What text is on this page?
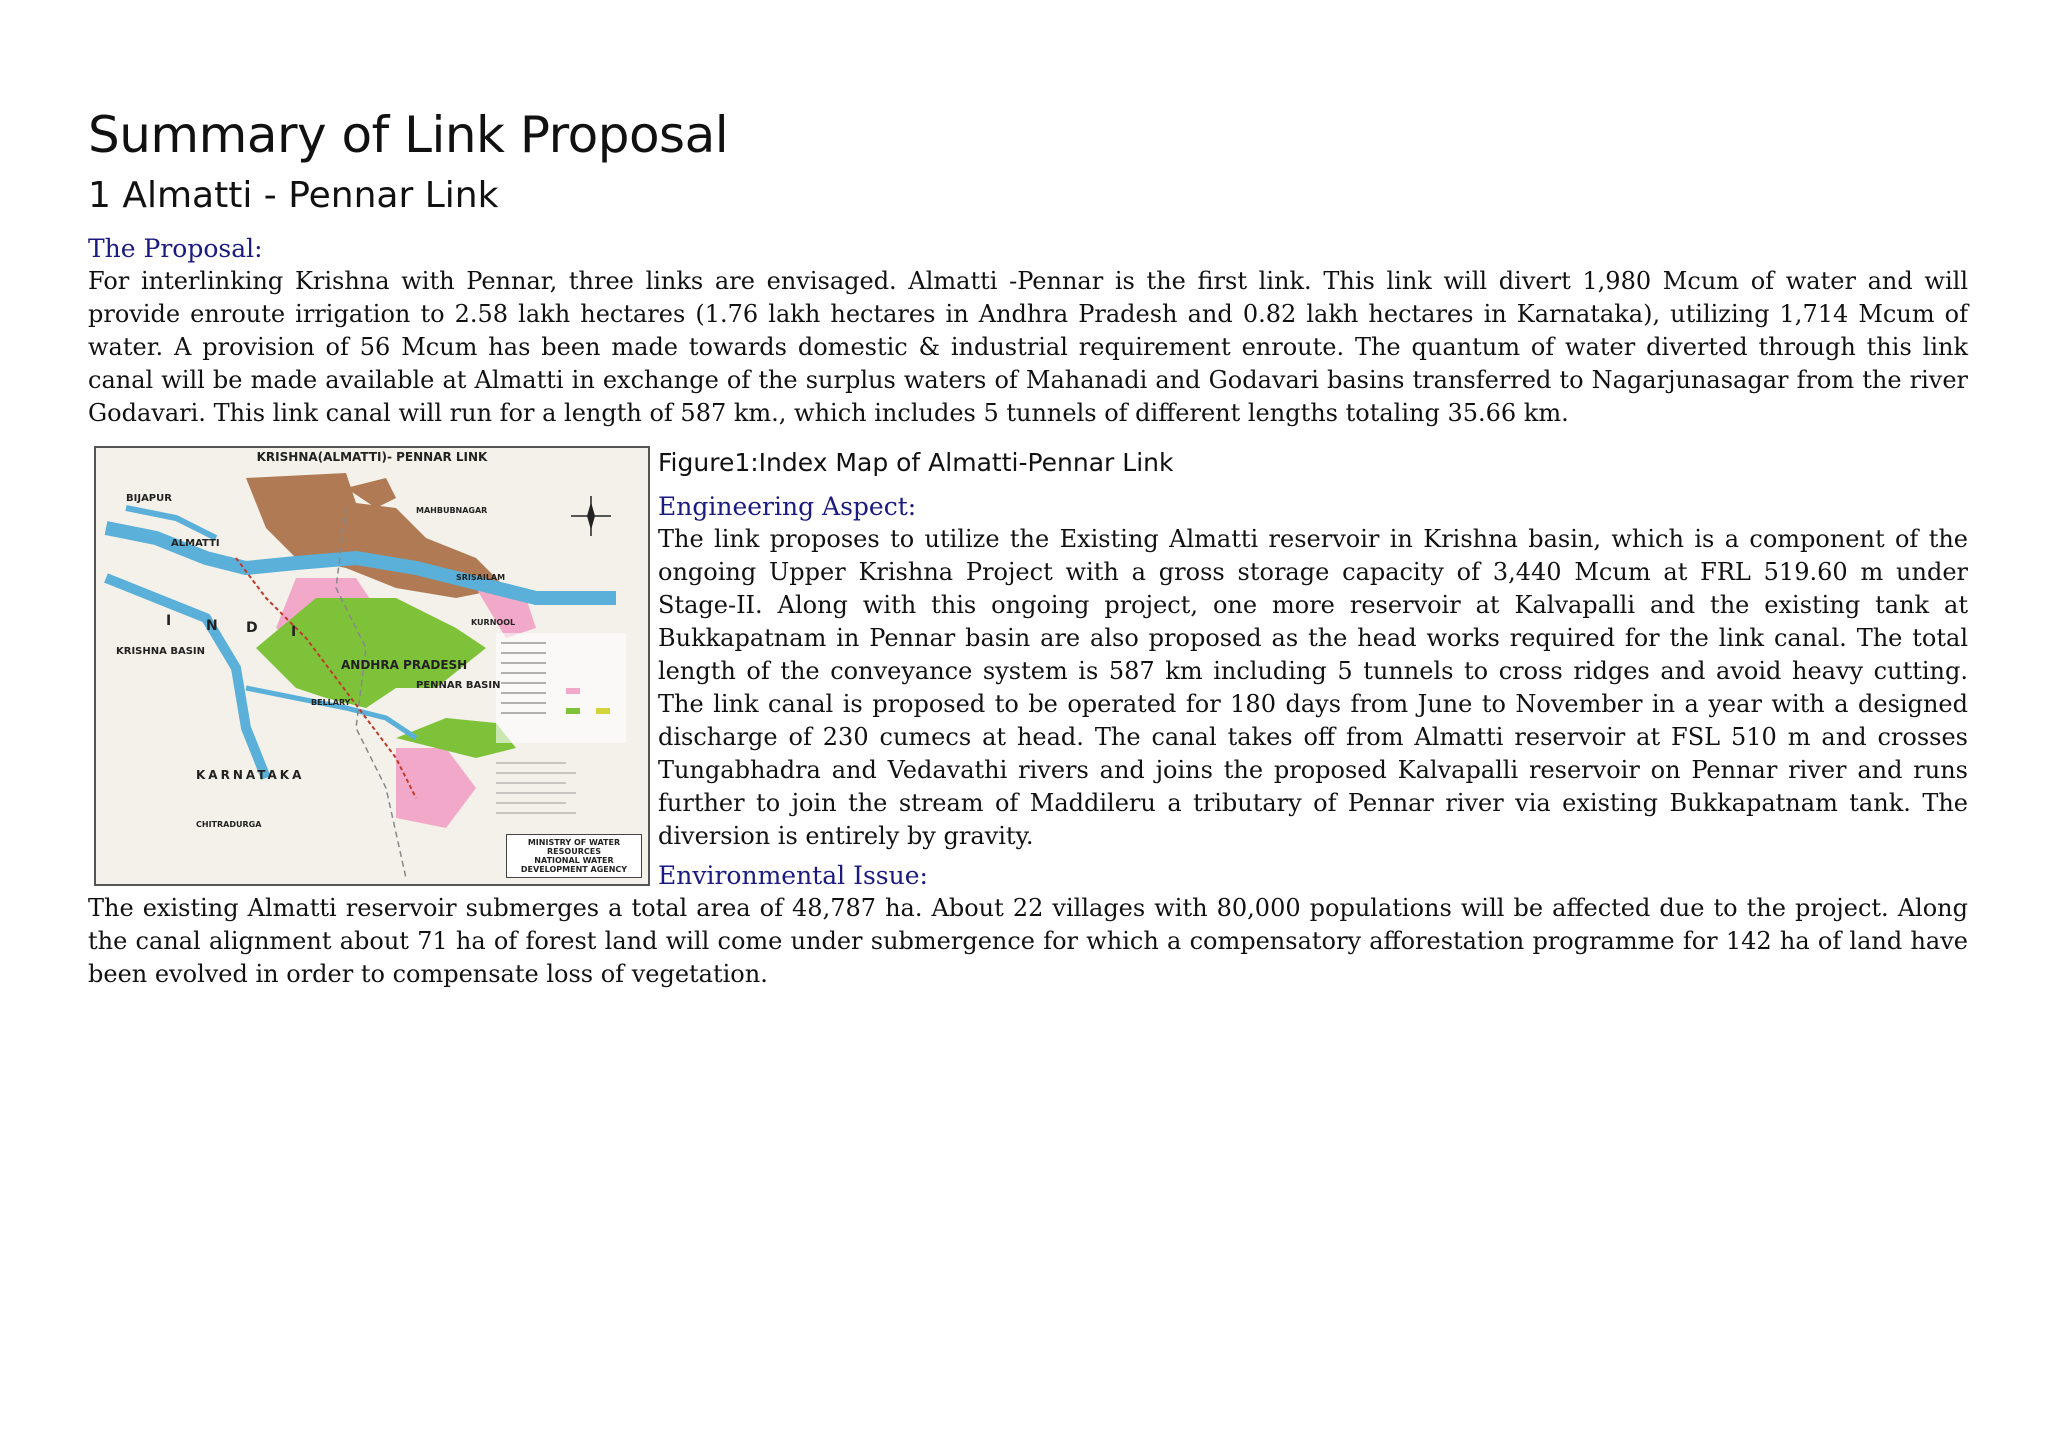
Summary of Link Proposal
1 Almatti - Pennar Link
The Proposal:

For interlinking Krishna with Pennar, three links are envisaged. Almatti -Pennar is the first link. This link will divert 1,980 Mcum of water and will provide enroute irrigation to 2.58 lakh hectares (1.76 lakh hectares in Andhra Pradesh and 0.82 lakh hectares in Karnataka), utilizing 1,714 Mcum of water. A provision of 56 Mcum has been made towards domestic & industrial requirement enroute. The quantum of water diverted through this link canal will be made available at Almatti in exchange of the surplus waters of Mahanadi and Godavari basins transferred to Nagarjunasagar from the river Godavari. This link canal will run for a length of 587 km., which includes 5 tunnels of different lengths totaling 35.66 km.

KRISHNA(ALMATTI)- PENNAR LINK
BIJAPUR
ALMATTI
KRISHNA BASIN
ANDHRA PRADESH
PENNAR BASIN
KARNATAKA
MAHBUBNAGAR
SRISAILAM
KURNOOL
BELLARY
CHITRADURGA
I N D I
MINISTRY OF WATER RESOURCES
NATIONAL WATER DEVELOPMENT AGENCY
Figure1:Index Map of Almatti-Pennar Link
Engineering Aspect:

The link proposes to utilize the Existing Almatti reservoir in Krishna basin, which is a component of the ongoing Upper Krishna Project with a gross storage capacity of 3,440 Mcum at FRL 519.60 m under Stage-II. Along with this ongoing project, one more reservoir at Kalvapalli and the existing tank at Bukkapatnam in Pennar basin are also proposed as the head works required for the link canal. The total length of the conveyance system is 587 km including 5 tunnels to cross ridges and avoid heavy cutting. The link canal is proposed to be operated for 180 days from June to November in a year with a designed discharge of 230 cumecs at head. The canal takes off from Almatti reservoir at FSL 510 m and crosses Tungabhadra and Vedavathi rivers and joins the proposed Kalvapalli reservoir on Pennar river and runs further to join the stream of Maddileru a tributary of Pennar river via existing Bukkapatnam tank. The diversion is entirely by gravity.

Environmental Issue:

The existing Almatti reservoir submerges a total area of 48,787 ha. About 22 villages with 80,000 populations will be affected due to the project. Along the canal alignment about 71 ha of forest land will come under submergence for which a compensatory afforestation programme for 142 ha of land have been evolved in order to compensate loss of vegetation.
